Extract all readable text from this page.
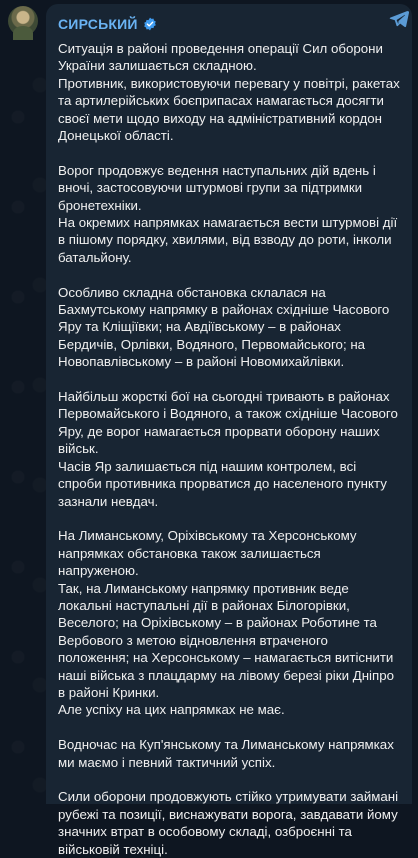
СИРСЬКИЙ

Ситуація в районі проведення операції Сил оборони України залишається складною.

Противник, використовуючи перевагу у повітрі, ракетах та артилерійських боєприпасах намагається досягти своєї мети щодо виходу на адміністративний кордон Донецької області.

Ворог продовжує ведення наступальних дій вдень і вночі, застосовуючи штурмові групи за підтримки бронетехніки.

На окремих напрямках намагається вести штурмові дії в пішому порядку, хвилями, від взводу до роти, інколи батальйону.

Особливо складна обстановка склалася на Бахмутському напрямку в районах східніше Часового Яру та Кліщіївки; на Авдіївському – в районах Бердичів, Орлівки, Водяного, Первомайського; на Новопавлівському – в районі Новомихайлівки.

Найбільш жорсткі бої на сьогодні тривають в районах Первомайського і Водяного, а також східніше Часового Яру, де ворог намагається прорвати оборону наших військ.

Часів Яр залишається під нашим контролем, всі спроби противника прорватися до населеного пункту зазнали невдач.

На Лиманському, Оріхівському та Херсонському напрямках обстановка також залишається напруженою.

Так, на Лиманському напрямку противник веде локальні наступальні дії в районах Білогорівки, Веселого; на Оріхівському – в районах Роботине та Вербового з метою відновлення втраченого положення; на Херсонському – намагається витіснити наші війська з плацдарму на лівому березі ріки Дніпро в районі Кринки.

Але успіху на цих напрямках не має.

Водночас на Куп'янському та Лиманському напрямках ми маємо і певний тактичний успіх.

Сили оборони продовжують стійко утримувати займані рубежі та позиції, виснажувати ворога, завдавати йому значних втрат в особовому складі, озброєнні та військовій техніці.
